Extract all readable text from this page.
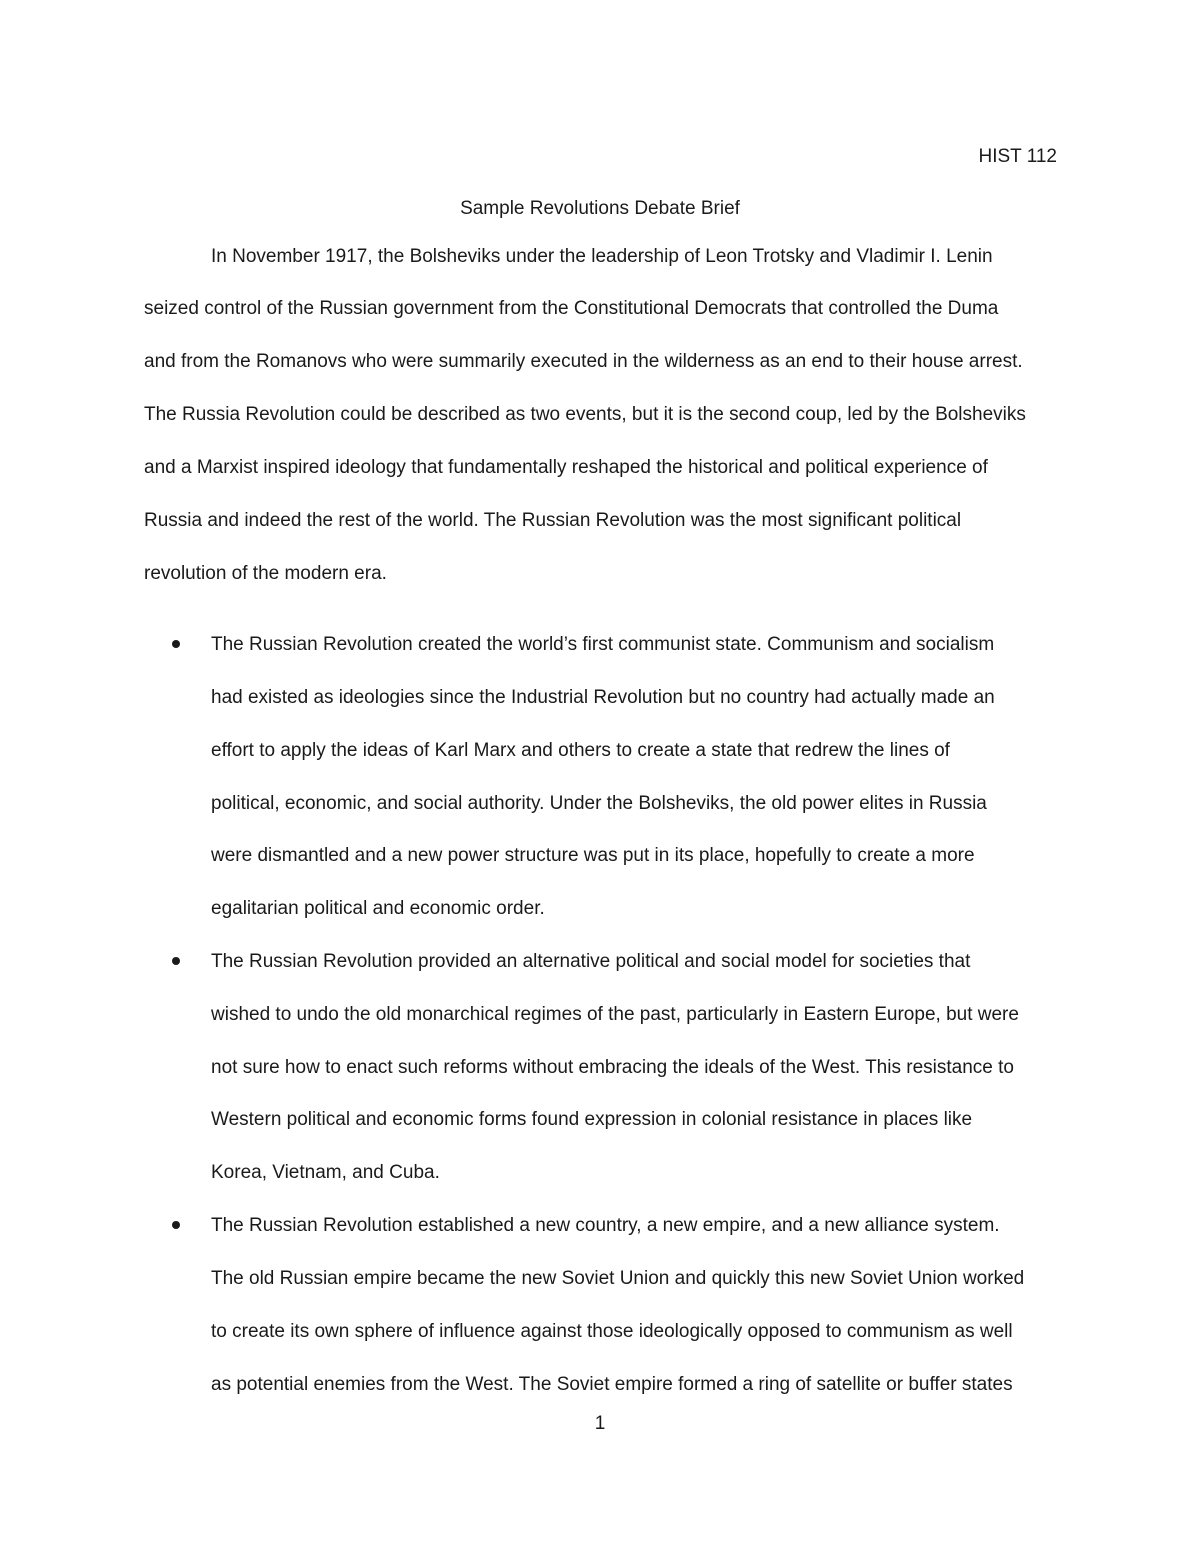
HIST 112
Sample Revolutions Debate Brief
In November 1917, the Bolsheviks under the leadership of Leon Trotsky and Vladimir I. Lenin
seized control of the Russian government from the Constitutional Democrats that controlled the Duma
and from the Romanovs who were summarily executed in the wilderness as an end to their house arrest.
The Russia Revolution could be described as two events, but it is the second coup, led by the Bolsheviks
and a Marxist inspired ideology that fundamentally reshaped the historical and political experience of
Russia and indeed the rest of the world. The Russian Revolution was the most significant political
revolution of the modern era.
The Russian Revolution created the world’s first communist state. Communism and socialism
had existed as ideologies since the Industrial Revolution but no country had actually made an
effort to apply the ideas of Karl Marx and others to create a state that redrew the lines of
political, economic, and social authority. Under the Bolsheviks, the old power elites in Russia
were dismantled and a new power structure was put in its place, hopefully to create a more
egalitarian political and economic order.
The Russian Revolution provided an alternative political and social model for societies that
wished to undo the old monarchical regimes of the past, particularly in Eastern Europe, but were
not sure how to enact such reforms without embracing the ideals of the West. This resistance to
Western political and economic forms found expression in colonial resistance in places like
Korea, Vietnam, and Cuba.
The Russian Revolution established a new country, a new empire, and a new alliance system.
The old Russian empire became the new Soviet Union and quickly this new Soviet Union worked
to create its own sphere of influence against those ideologically opposed to communism as well
as potential enemies from the West. The Soviet empire formed a ring of satellite or buffer states
1
